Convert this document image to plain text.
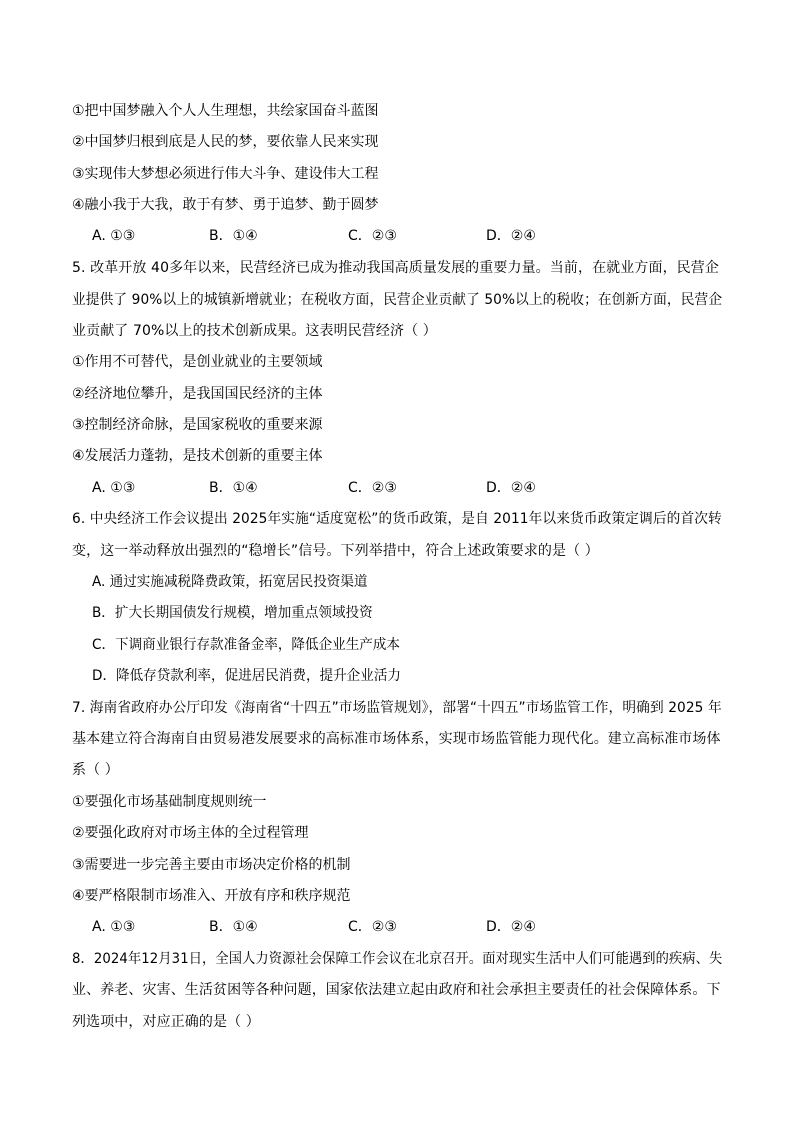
①把中国梦融入个人人生理想，共绘家国奋斗蓝图
②中国梦归根到底是人民的梦，要依靠人民来实现
③实现伟大梦想必须进行伟大斗争、建设伟大工程
④融小我于大我，敢于有梦、勇于追梦、勤于圆梦
A. ①③	B．①④	C．②③	D．②④
5. 改革开放 40多年以来，民营经济已成为推动我国高质量发展的重要力量。当前，在就业方面，民营企
业提供了 90%以上的城镇新增就业；在税收方面，民营企业贡献了 50%以上的税收；在创新方面，民营企
业贡献了 70%以上的技术创新成果。这表明民营经济（ ）
①作用不可替代，是创业就业的主要领域
②经济地位攀升，是我国国民经济的主体
③控制经济命脉，是国家税收的重要来源
④发展活力蓬勃，是技术创新的重要主体
A. ①③	B．①④	C．②③	D．②④
6. 中央经济工作会议提出 2025年实施“适度宽松”的货币政策，是自 2011年以来货币政策定调后的首次转
变，这一举动释放出强烈的“稳增长”信号。下列举措中，符合上述政策要求的是（ ）
A. 通过实施减税降费政策，拓宽居民投资渠道
B．扩大长期国债发行规模，增加重点领域投资
C．下调商业银行存款准备金率，降低企业生产成本
D．降低存贷款利率，促进居民消费，提升企业活力
7. 海南省政府办公厅印发《海南省“十四五”市场监管规划》，部署“十四五”市场监管工作，明确到 2025 年
基本建立符合海南自由贸易港发展要求的高标准市场体系，实现市场监管能力现代化。建立高标准市场体
系（ ）
①要强化市场基础制度规则统一
②要强化政府对市场主体的全过程管理
③需要进一步完善主要由市场决定价格的机制
④要严格限制市场准入、开放有序和秩序规范
A. ①③	B．①④	C．②③	D．②④
8．2024年12月31日，全国人力资源社会保障工作会议在北京召开。面对现实生活中人们可能遇到的疾病、失
业、养老、灾害、生活贫困等各种问题，国家依法建立起由政府和社会承担主要责任的社会保障体系。下
列选项中，对应正确的是（ ）
